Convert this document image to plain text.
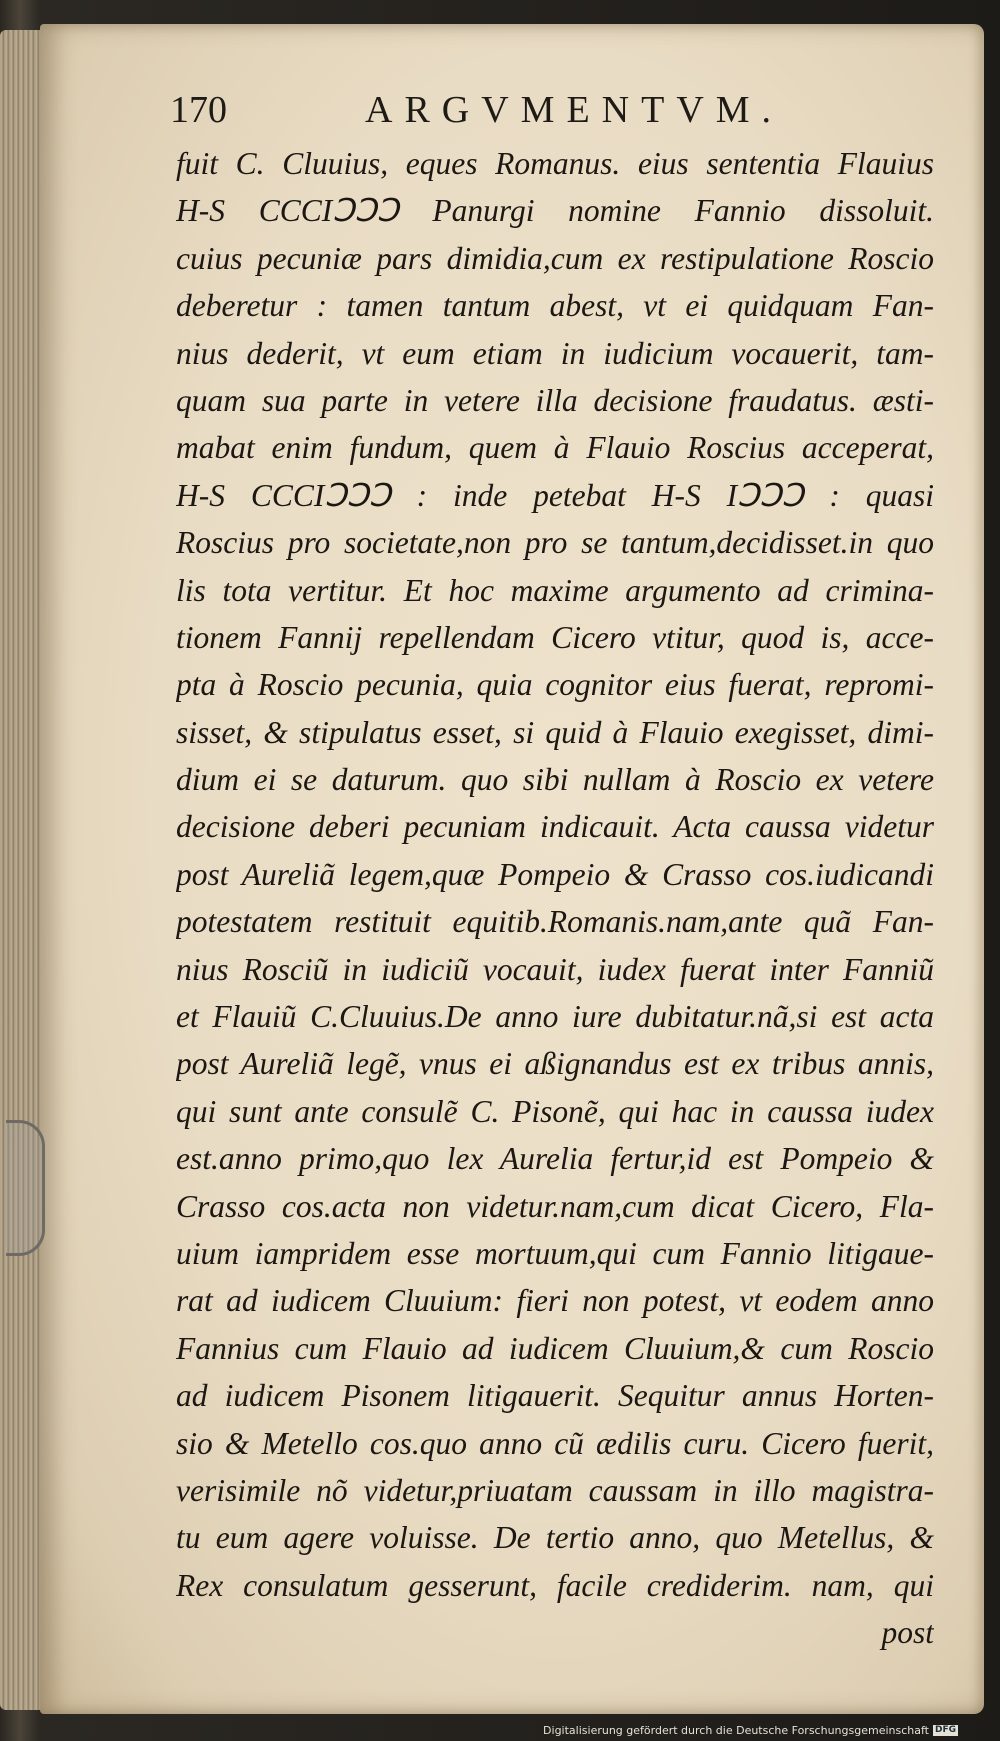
170	ARGVMENTVM.
fuit C. Cluuius, eques Romanus. eius sententia Flauius
H-S CCCIↃↃↃ Panurgi nomine Fannio dissoluit.
cuius pecuniæ pars dimidia,cum ex restipulatione Roscio
deberetur : tamen tantum abest, vt ei quidquam Fan-
nius dederit, vt eum etiam in iudicium vocauerit, tam-
quam sua parte in vetere illa decisione fraudatus. æsti-
mabat enim fundum, quem à Flauio Roscius acceperat,
H-S CCCIↃↃↃ : inde petebat H-S IↃↃↃ : quasi
Roscius pro societate,non pro se tantum,decidisset.in quo
lis tota vertitur. Et hoc maxime argumento ad crimina-
tionem Fannij repellendam Cicero vtitur, quod is, acce-
pta à Roscio pecunia, quia cognitor eius fuerat, repromi-
sisset, & stipulatus esset, si quid à Flauio exegisset, dimi-
dium ei se daturum. quo sibi nullam à Roscio ex vetere
decisione deberi pecuniam indicauit. Acta caussa videtur
post Aureliã legem,quæ Pompeio & Crasso cos.iudicandi
potestatem restituit equitib.Romanis.nam,ante quã Fan-
nius Rosciũ in iudiciũ vocauit, iudex fuerat inter Fanniũ
et Flauiũ C.Cluuius.De anno iure dubitatur.nã,si est acta
post Aureliã legẽ, vnus ei aßignandus est ex tribus annis,
qui sunt ante consulẽ C. Pisonẽ, qui hac in caussa iudex
est.anno primo,quo lex Aurelia fertur,id est Pompeio &
Crasso cos.acta non videtur.nam,cum dicat Cicero, Fla-
uium iampridem esse mortuum,qui cum Fannio litigaue-
rat ad iudicem Cluuium: fieri non potest, vt eodem anno
Fannius cum Flauio ad iudicem Cluuium,& cum Roscio
ad iudicem Pisonem litigauerit. Sequitur annus Horten-
sio & Metello cos.quo anno cũ ædilis curu. Cicero fuerit,
verisimile nõ videtur,priuatam caussam in illo magistra-
tu eum agere voluisse. De tertio anno, quo Metellus, &
Rex consulatum gesserunt, facile crediderim. nam, qui
post
Digitalisierung gefördert durch die Deutsche Forschungsgemeinschaft DFG
